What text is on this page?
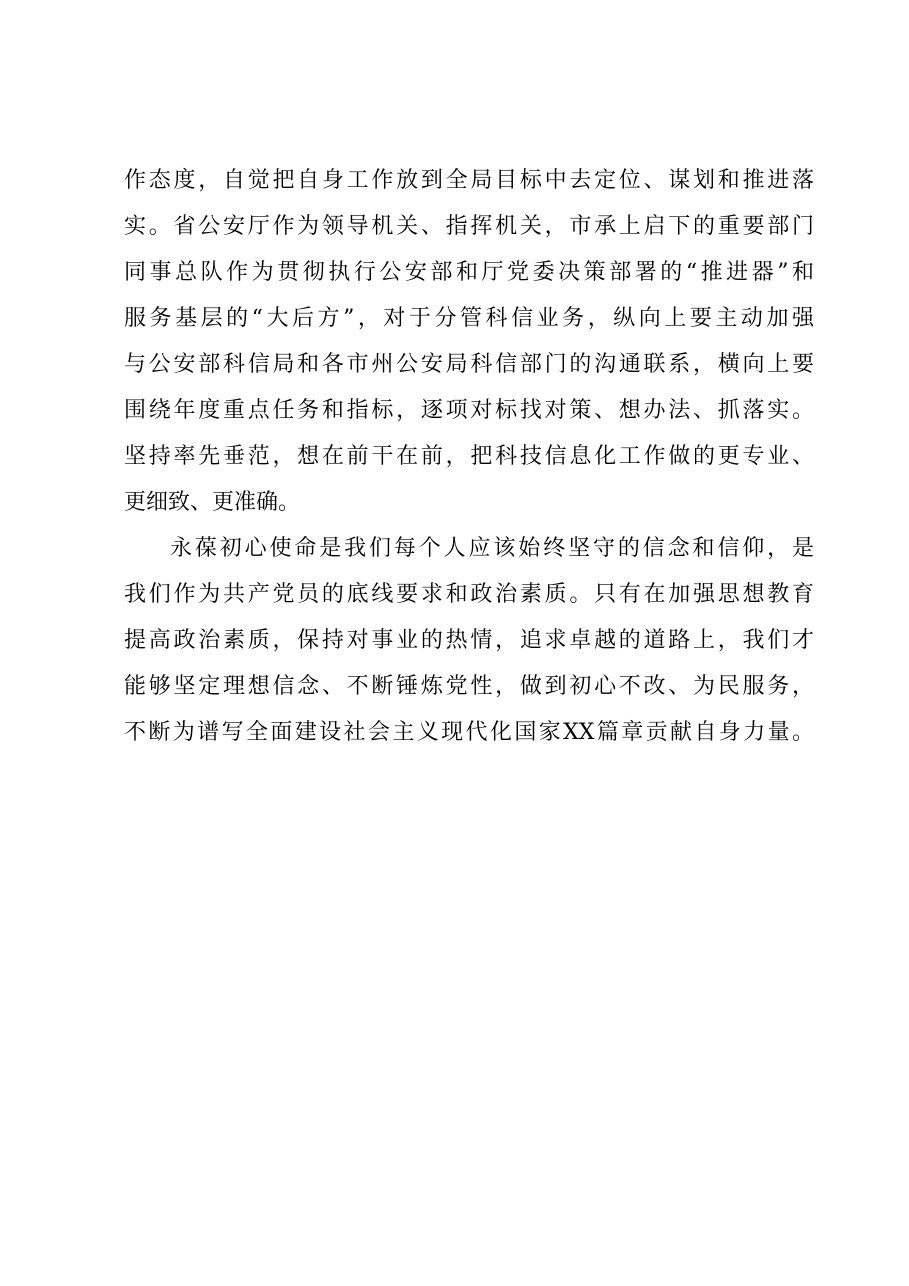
作态度，自觉把自身工作放到全局目标中去定位、谋划和推进落
实。省公安厅作为领导机关、指挥机关，市承上启下的重要部门
同事总队作为贯彻执行公安部和厅党委决策部署的“推进器”和
服务基层的“大后方”，对于分管科信业务，纵向上要主动加强
与公安部科信局和各市州公安局科信部门的沟通联系，横向上要
围绕年度重点任务和指标，逐项对标找对策、想办法、抓落实。
坚持率先垂范，想在前干在前，把科技信息化工作做的更专业、
更细致、更准确。
永葆初心使命是我们每个人应该始终坚守的信念和信仰，是
我们作为共产党员的底线要求和政治素质。只有在加强思想教育
提高政治素质，保持对事业的热情，追求卓越的道路上，我们才
能够坚定理想信念、不断锤炼党性，做到初心不改、为民服务，
不断为谱写全面建设社会主义现代化国家XX篇章贡献自身力量。
